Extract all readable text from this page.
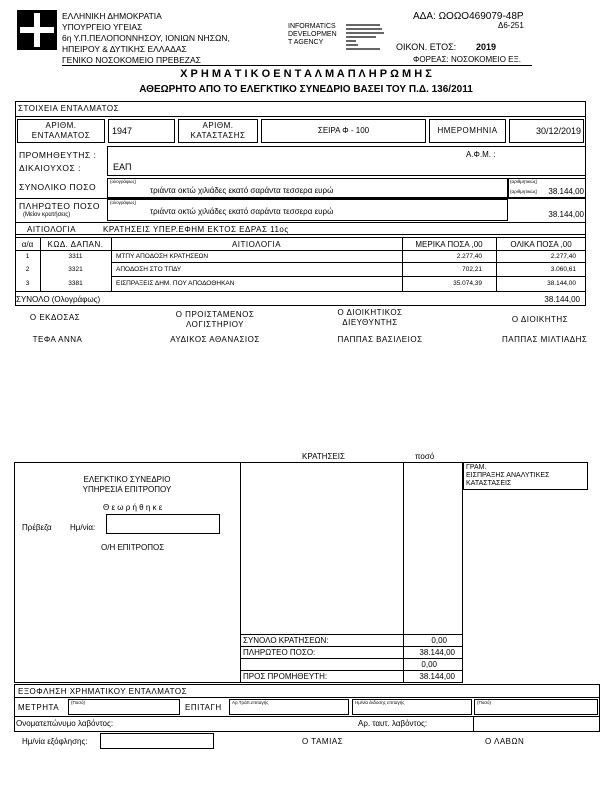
ΕΛΛΗΝΙΚΗ ΔΗΜΟΚΡΑΤΙΑ
ΥΠΟΥΡΓΕΙΟ ΥΓΕΙΑΣ
6η Υ.Π.ΠΕΛΟΠΟΝΝΗΣΟΥ, ΙΟΝΙΩΝ ΝΗΣΩΝ,
ΗΠΕΙΡΟΥ & ΔΥΤΙΚΗΣ ΕΛΛΑΔΑΣ
ΓΕΝΙΚΟ ΝΟΣΟΚΟΜΕΙΟ ΠΡΕΒΕΖΑΣ
INFORMATICS
DEVELOPMEN
T AGENCY
ΑΔΑ: ΩΟΩΟ469079-48Ρ
Δ6-251
ΟΙΚΟΝ. ΕΤΟΣ: 2019
ΦΟΡΕΑΣ: ΝΟΣΟΚΟΜΕΙΟ ΕΞ.
Χ Ρ Η Μ Α Τ Ι Κ Ο Ε Ν Τ Α Λ Μ Α Π Λ Η Ρ Ω Μ Η Σ
ΑΘΕΩΡΗΤΟ ΑΠΟ ΤΟ ΕΛΕΓΚΤΙΚΟ ΣΥΝΕΔΡΙΟ ΒΑΣΕΙ ΤΟΥ Π.Δ. 136/2011
ΣΤΟΙΧΕΙΑ ΕΝΤΑΛΜΑΤΟΣ
ΑΡΙΘΜ.
ΕΝΤΑΛΜΑΤΟΣ	1947
ΑΡΙΘΜ.
ΚΑΤΑΣΤΑΣΗΣ
ΣΕΙΡΑ Φ - 100	ΗΜΕΡΟΜΗΝΙΑ	30/12/2019
ΠΡΟΜΗΘΕΥΤΗΣ :
ΔΙΚΑΙΟΥΧΟΣ :
Α.Φ.Μ. :
ΕΑΠ
ΣΥΝΟΛΙΚΟ ΠΟΣΟ
(ολογράφως)
τριάντα οκτώ χιλιάδες εκατό σαράντα τεσσερα ευρώ
(αριθμητικώς)
(αριθμητικώς)	38.144,00
ΠΛΗΡΩΤΕΟ ΠΟΣΟ
(Μείον κρατήσεις)
(ολογράφως)
τριάντα οκτώ χιλιάδες εκατό σαράντα τεσσερα ευρώ	38.144,00
ΑΙΤΙΟΛΟΓΙΑ	ΚΡΑΤΗΣΕΙΣ ΥΠΕΡ.ΕΦΗΜ ΕΚΤΟΣ ΕΔΡΑΣ 11ος
α/α	ΚΩΔ. ΔΑΠΑΝ.	ΑΙΤΙΟΛΟΓΙΑ	ΜΕΡΙΚΑ ΠΟΣΑ ,00	ΟΛΙΚΑ ΠΟΣΑ ,00
1	3311	ΜΤΠΥ ΑΠΟΔΟΣΗ ΚΡΑΤΗΣΕΩΝ	2.277,40	2.277,40
2	3321	ΑΠΟΔΟΣΗ ΣΤΟ ΤΠΔΥ	702,21	3.060,61
3	3381	ΕΙΣΠΡΑΞΕΙΣ ΔΗΜ. ΠΟΥ ΑΠΟΔΟΘΗΚΑΝ	35.074,39	38.144,00
ΣΥΝΟΛΟ (Ολογράφως)	38.144,00
Ο ΕΚΔΟΣΑΣ	Ο ΠΡΟΙΣΤΑΜΕΝΟΣ
ΛΟΓΙΣΤΗΡΙΟΥ
Ο ΔΙΟΙΚΗΤΙΚΟΣ
ΔΙΕΥΘΥΝΤΗΣ	Ο ΔΙΟΙΚΗΤΗΣ
ΤΕΦΑ ΑΝΝΑ	ΑΥΔΙΚΟΣ ΑΘΑΝΑΣΙΟΣ	ΠΑΠΠΑΣ ΒΑΣΙΛΕΙΟΣ	ΠΑΠΠΑΣ ΜΙΛΤΙΑΔΗΣ
ΚΡΑΤΗΣΕΙΣ	ποσό
ΕΛΕΓΚΤΙΚΟ ΣΥΝΕΔΡΙΟ
ΥΠΗΡΕΣΙΑ ΕΠΙΤΡΟΠΟΥ
Θ ε ω ρ ή θ η κ ε
Πρέβεζα Ημ/νία:
Ο/Η ΕΠΙΤΡΟΠΟΣ
ΓΡΑΜ.
ΕΙΣΠΡΑΞΗΣ ΑΝΑΛΥΤΙΚΕΣ
ΚΑΤΑΣΤΑΣΕΙΣ
ΣΥΝΟΛΟ ΚΡΑΤΗΣΕΩΝ:	0,00
ΠΛΗΡΩΤΕΟ ΠΟΣΟ:	38.144,00
0,00
ΠΡΟΣ ΠΡΟΜΗΘΕΥΤΗ:	38.144,00
ΕΞΟΦΛΗΣΗ ΧΡΗΜΑΤΙΚΟΥ ΕΝΤΑΛΜΑΤΟΣ
ΜΕΤΡΗΤΑ
(Ποσό)
ΕΠΙΤΑΓΗ
Αρ.Τράπ.επιταγής	Ημ/νία έκδοσης επιταγής	(Ποσό)
Ονοματεπώνυμο λαβόντος:	Αρ. ταυτ. λαβόντος:
Ημ/νία εξόφλησης:	Ο ΤΑΜΙΑΣ	Ο ΛΑΒΩΝ
